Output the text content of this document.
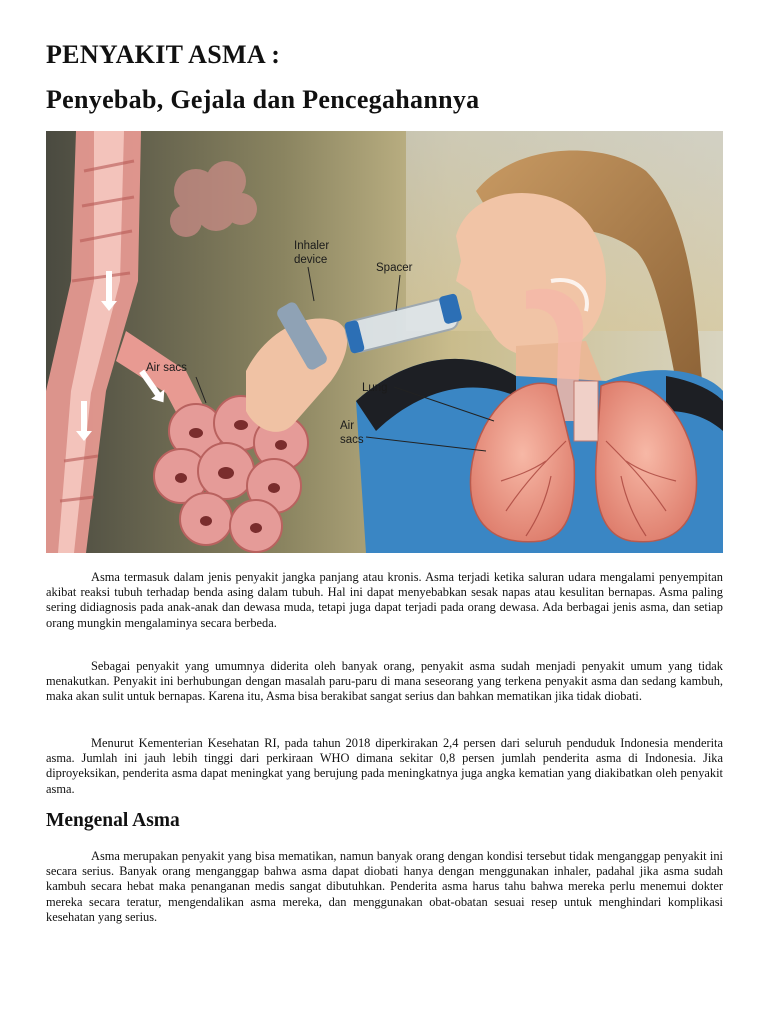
PENYAKIT ASMA :
Penyebab, Gejala dan Pencegahannya
Inhaler
device
Spacer
Air sacs
Lung
Air
sacs

Asma termasuk dalam jenis penyakit jangka panjang atau kronis. Asma terjadi ketika saluran udara mengalami penyempitan akibat reaksi tubuh terhadap benda asing dalam tubuh. Hal ini dapat menyebabkan sesak napas atau kesulitan bernapas. Asma paling sering didiagnosis pada anak-anak dan dewasa muda, tetapi juga dapat terjadi pada orang dewasa. Ada berbagai jenis asma, dan setiap orang mungkin mengalaminya secara berbeda.

Sebagai penyakit yang umumnya diderita oleh banyak orang, penyakit asma sudah menjadi penyakit umum yang tidak menakutkan. Penyakit ini berhubungan dengan masalah paru-paru di mana seseorang yang terkena penyakit asma dan sedang kambuh, maka akan sulit untuk bernapas. Karena itu, Asma bisa berakibat sangat serius dan bahkan mematikan jika tidak diobati.

Menurut Kementerian Kesehatan RI, pada tahun 2018 diperkirakan 2,4 persen dari seluruh penduduk Indonesia menderita asma. Jumlah ini jauh lebih tinggi dari perkiraan WHO dimana sekitar 0,8 persen jumlah penderita asma di Indonesia. Jika diproyeksikan, penderita asma dapat meningkat yang berujung pada meningkatnya juga angka kematian yang diakibatkan oleh penyakit asma.

Mengenal Asma

Asma merupakan penyakit yang bisa mematikan, namun banyak orang dengan kondisi tersebut tidak menganggap penyakit ini secara serius. Banyak orang menganggap bahwa asma dapat diobati hanya dengan menggunakan inhaler, padahal jika asma sudah kambuh secara hebat maka penanganan medis sangat dibutuhkan. Penderita asma harus tahu bahwa mereka perlu menemui dokter mereka secara teratur, mengendalikan asma mereka, dan menggunakan obat-obatan sesuai resep untuk menghindari komplikasi kesehatan yang serius.
